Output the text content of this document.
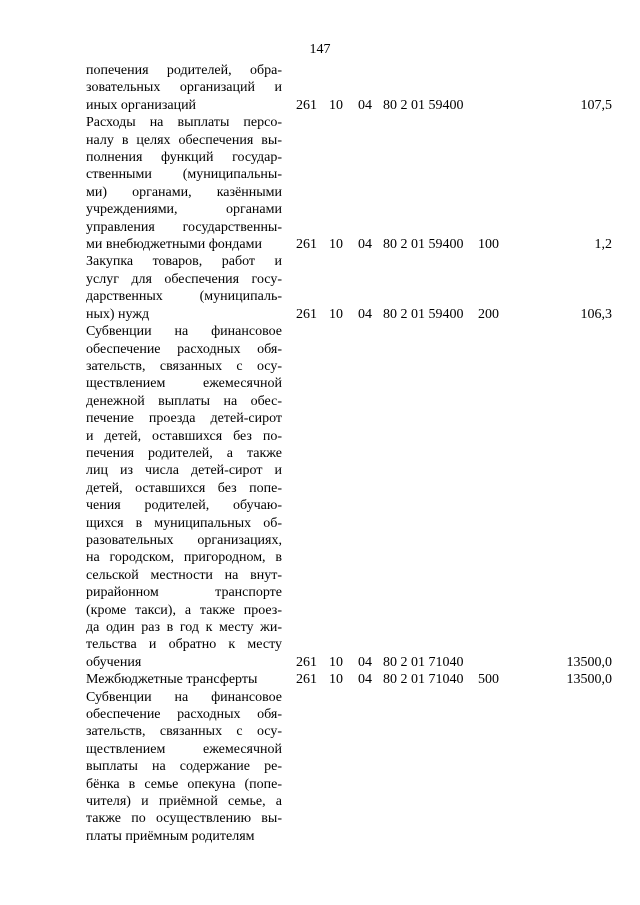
147
попечения родителей, обра-
зовательных организаций и
иных организаций	261 10 04 80 2 01 59400	107,5
Расходы на выплаты персо-
налу в целях обеспечения вы-
полнения функций государ-
ственными (муниципальны-
ми) органами, казёнными
учреждениями, органами
управления государственны-
ми внебюджетными фондами	261 10 04 80 2 01 59400 100	1,2
Закупка товаров, работ и
услуг для обеспечения госу-
дарственных (муниципаль-
ных) нужд	261 10 04 80 2 01 59400 200	106,3
Субвенции на финансовое
обеспечение расходных обя-
зательств, связанных с осу-
ществлением ежемесячной
денежной выплаты на обес-
печение проезда детей-сирот
и детей, оставшихся без по-
печения родителей, а также
лиц из числа детей-сирот и
детей, оставшихся без попе-
чения родителей, обучаю-
щихся в муниципальных об-
разовательных организациях,
на городском, пригородном, в
сельской местности на внут-
рирайонном транспорте
(кроме такси), а также проез-
да один раз в год к месту жи-
тельства и обратно к месту
обучения	261 10 04 80 2 01 71040	13500,0
Межбюджетные трансферты	261 10 04 80 2 01 71040 500	13500,0
Субвенции на финансовое
обеспечение расходных обя-
зательств, связанных с осу-
ществлением ежемесячной
выплаты на содержание ре-
бёнка в семье опекуна (попе-
чителя) и приёмной семье, а
также по осуществлению вы-
платы приёмным родителям
